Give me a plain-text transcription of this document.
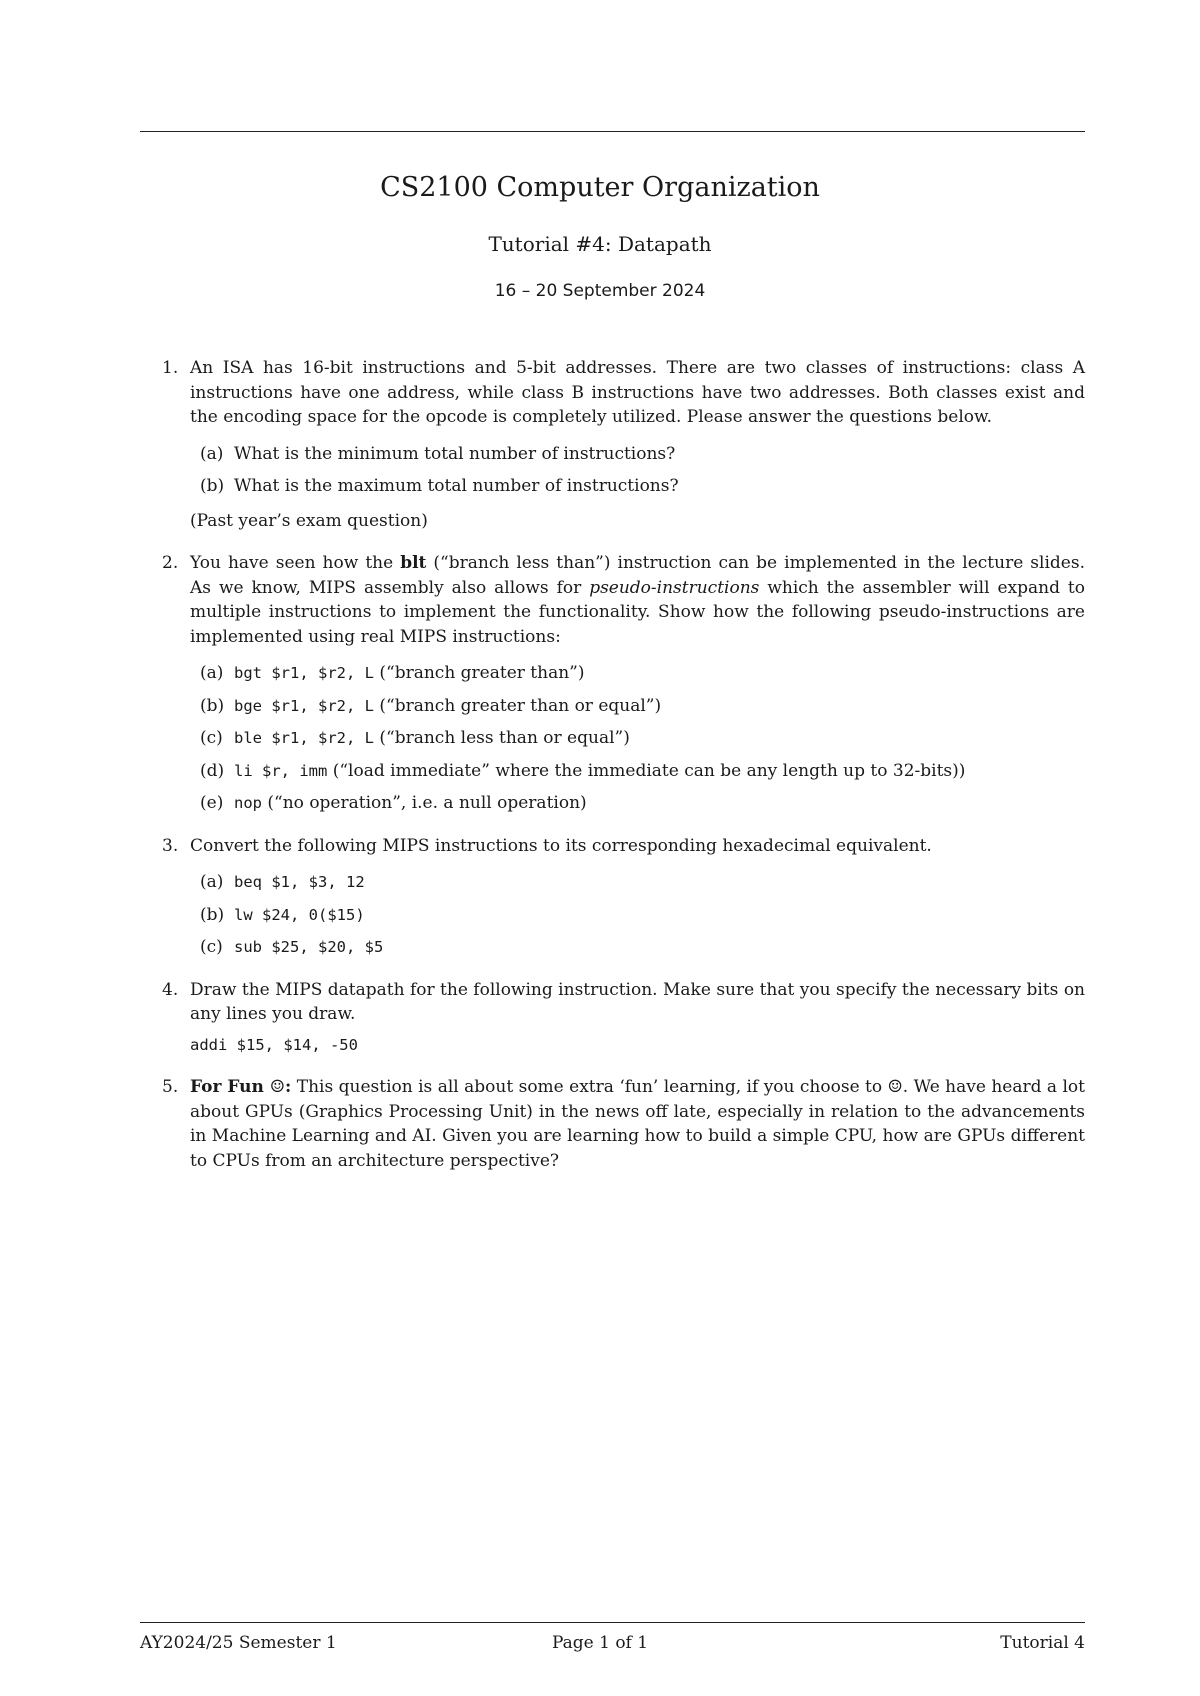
CS2100 Computer Organization
Tutorial #4: Datapath
16 – 20 September 2024
1. An ISA has 16-bit instructions and 5-bit addresses. There are two classes of instructions: class A instructions have one address, while class B instructions have two addresses. Both classes exist and the encoding space for the opcode is completely utilized. Please answer the questions below.
(a) What is the minimum total number of instructions?
(b) What is the maximum total number of instructions?
(Past year’s exam question)
2. You have seen how the blt (“branch less than”) instruction can be implemented in the lecture slides. As we know, MIPS assembly also allows for pseudo-instructions which the assembler will expand to multiple instructions to implement the functionality. Show how the following pseudo-instructions are implemented using real MIPS instructions:
(a) bgt $r1, $r2, L (“branch greater than”)
(b) bge $r1, $r2, L (“branch greater than or equal”)
(c) ble $r1, $r2, L (“branch less than or equal”)
(d) li $r, imm (“load immediate” where the immediate can be any length up to 32-bits))
(e) nop (“no operation”, i.e. a null operation)
3. Convert the following MIPS instructions to its corresponding hexadecimal equivalent.
(a) beq $1, $3, 12
(b) lw $24, 0($15)
(c) sub $25, $20, $5
4. Draw the MIPS datapath for the following instruction. Make sure that you specify the necessary bits on any lines you draw.
addi $15, $14, -50
5. For Fun ☺: This question is all about some extra ‘fun’ learning, if you choose to ☺. We have heard a lot about GPUs (Graphics Processing Unit) in the news off late, especially in relation to the advancements in Machine Learning and AI. Given you are learning how to build a simple CPU, how are GPUs different to CPUs from an architecture perspective?
AY2024/25 Semester 1	Page 1 of 1	Tutorial 4
